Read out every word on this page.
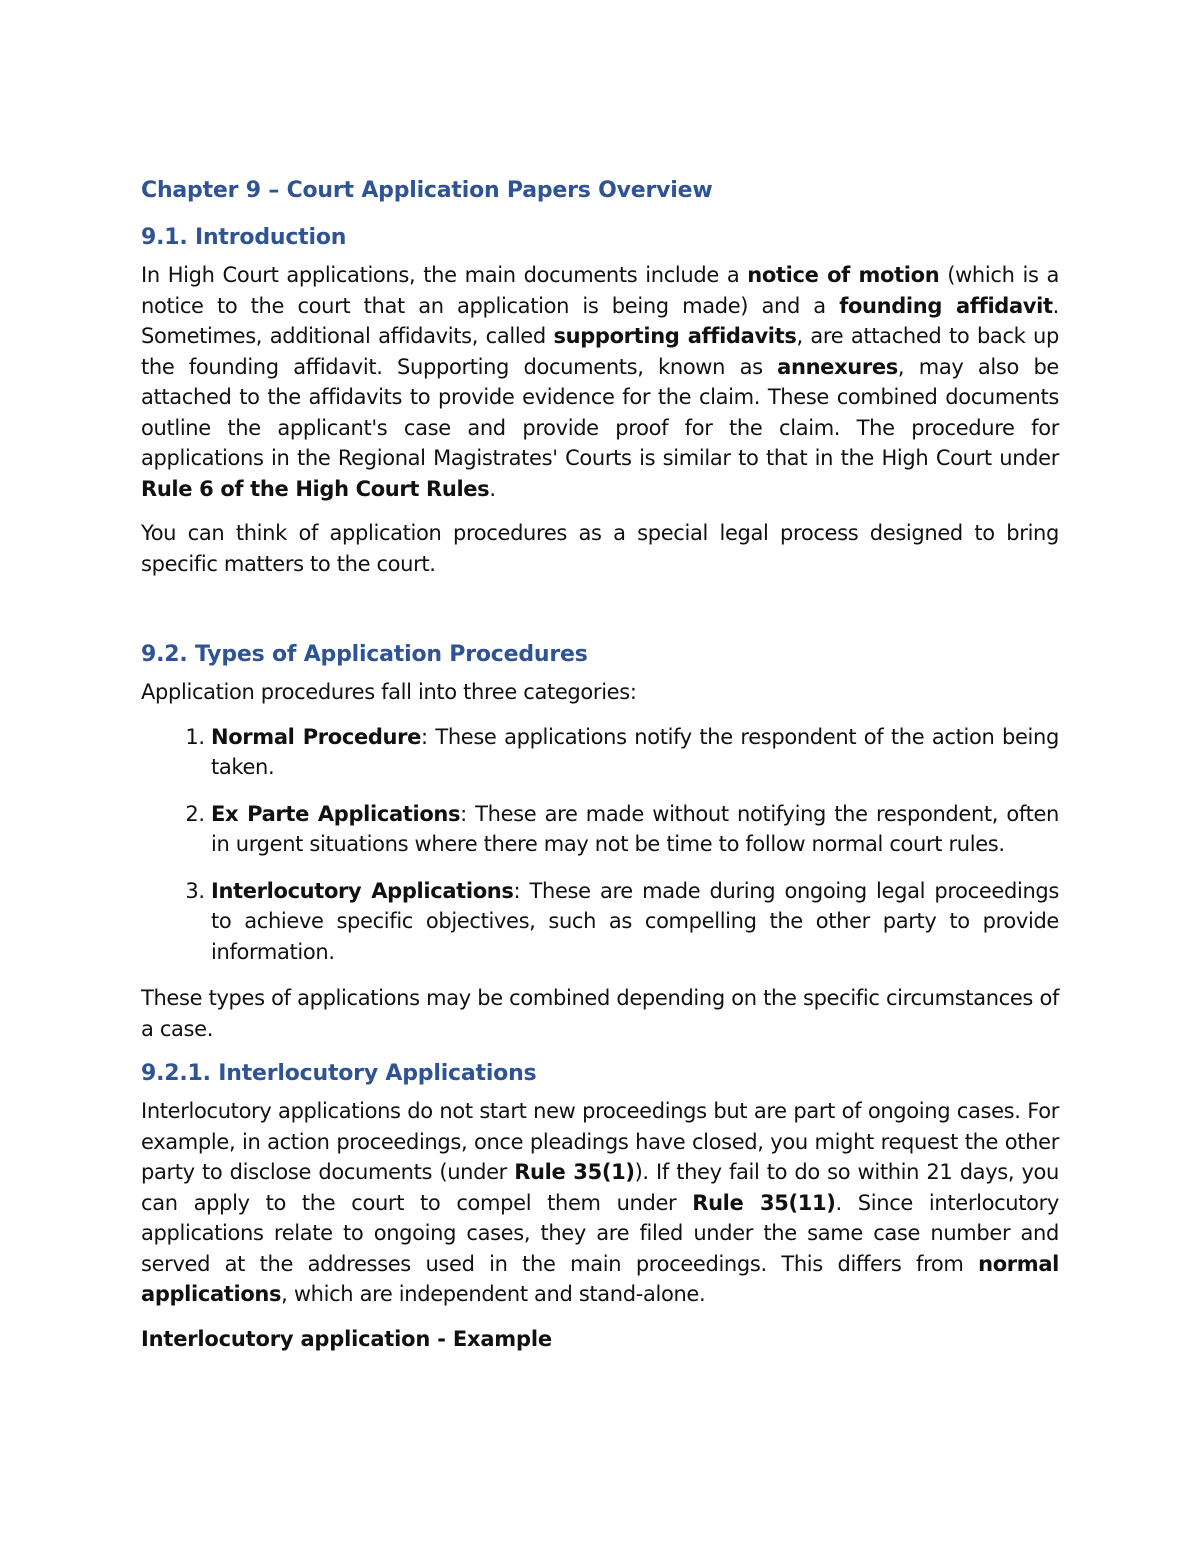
Chapter 9 – Court Application Papers Overview
9.1. Introduction

In High Court applications, the main documents include a notice of motion (which is a notice to the court that an application is being made) and a founding affidavit. Sometimes, additional affidavits, called supporting affidavits, are attached to back up the founding affidavit. Supporting documents, known as annexures, may also be attached to the affidavits to provide evidence for the claim. These combined documents outline the applicant's case and provide proof for the claim. The procedure for applications in the Regional Magistrates' Courts is similar to that in the High Court under Rule 6 of the High Court Rules.

You can think of application procedures as a special legal process designed to bring specific matters to the court.

9.2. Types of Application Procedures

Application procedures fall into three categories:

1. Normal Procedure: These applications notify the respondent of the action being taken.
2. Ex Parte Applications: These are made without notifying the respondent, often in urgent situations where there may not be time to follow normal court rules.
3. Interlocutory Applications: These are made during ongoing legal proceedings to achieve specific objectives, such as compelling the other party to provide information.

These types of applications may be combined depending on the specific circumstances of a case.

9.2.1. Interlocutory Applications

Interlocutory applications do not start new proceedings but are part of ongoing cases. For example, in action proceedings, once pleadings have closed, you might request the other party to disclose documents (under Rule 35(1)). If they fail to do so within 21 days, you can apply to the court to compel them under Rule 35(11). Since interlocutory applications relate to ongoing cases, they are filed under the same case number and served at the addresses used in the main proceedings. This differs from normal applications, which are independent and stand-alone.

Interlocutory application - Example
